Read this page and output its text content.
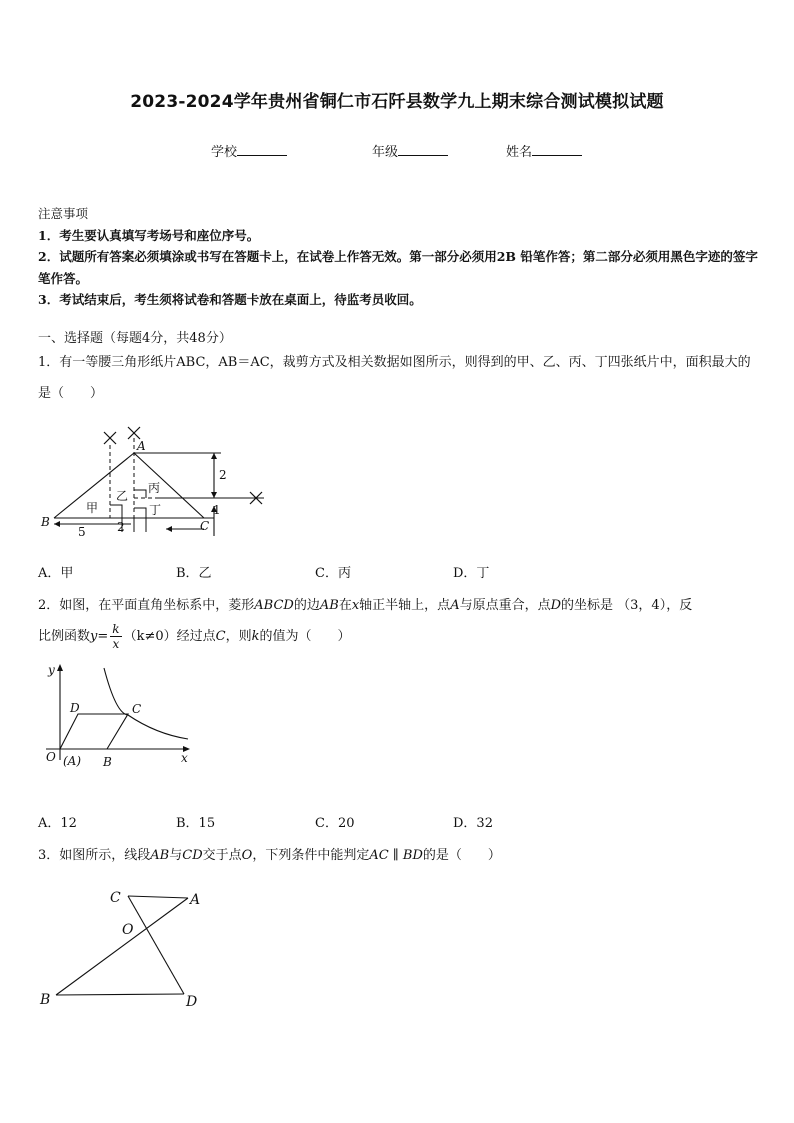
2023-2024学年贵州省铜仁市石阡县数学九上期末综合测试模拟试题
学校	年级	姓名
注意事项
1．考生要认真填写考场号和座位序号。
2．试题所有答案必须填涂或书写在答题卡上，在试卷上作答无效。第一部分必须用2B 铅笔作答；第二部分必须用黑色字迹的签字笔作答。
3．考试结束后，考生须将试卷和答题卡放在桌面上，待监考员收回。
一、选择题（每题4分，共48分）
1．有一等腰三角形纸片ABC，AB＝AC，裁剪方式及相关数据如图所示，则得到的甲、乙、丙、丁四张纸片中，面积最大的是（　　）
A
B	C
甲
乙
丙
丁
2
2
5
1
A．甲	B．乙	C．丙	D．丁
2．如图，在平面直角坐标系中，菱形ABCD的边AB在x轴正半轴上，点A与原点重合，点D的坐标是 （3，4），反
比例函数$y= \frac{k}{x} (k\ne 0)$经过点C，则k的值为（　　）
y
x
O (A) B
C
D
A．12	B．15	C．20	D．32
3．如图所示，线段AB与CD交于点O，下列条件中能判定AC ∥ BD的是（　　）
C	A
O
B	D
